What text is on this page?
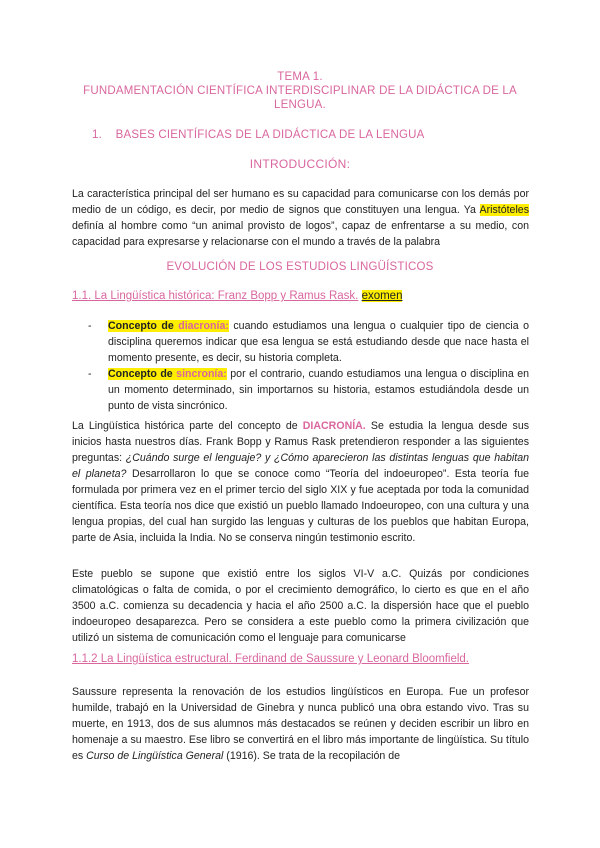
TEMA 1.
FUNDAMENTACIÓN CIENTÍFICA INTERDISCIPLINAR DE LA DIDÁCTICA DE LA LENGUA.
1. BASES CIENTÍFICAS DE LA DIDÁCTICA DE LA LENGUA
INTRODUCCIÓN:
La característica principal del ser humano es su capacidad para comunicarse con los demás por medio de un código, es decir, por medio de signos que constituyen una lengua. Ya Aristóteles definía al hombre como “un animal provisto de logos”, capaz de enfrentarse a su medio, con capacidad para expresarse y relacionarse con el mundo a través de la palabra
EVOLUCIÓN DE LOS ESTUDIOS LINGÜÍSTICOS
1.1. La Lingüística histórica: Franz Bopp y Ramus Rask. exomen
- Concepto de diacronía: cuando estudiamos una lengua o cualquier tipo de ciencia o disciplina queremos indicar que esa lengua se está estudiando desde que nace hasta el momento presente, es decir, su historia completa.
- Concepto de sincronía: por el contrario, cuando estudiamos una lengua o disciplina en un momento determinado, sin importarnos su historia, estamos estudiándola desde un punto de vista sincrónico.
La Lingüística histórica parte del concepto de DIACRONÍA. Se estudia la lengua desde sus inicios hasta nuestros días. Frank Bopp y Ramus Rask pretendieron responder a las siguientes preguntas: ¿Cuándo surge el lenguaje? y ¿Cómo aparecieron las distintas lenguas que habitan el planeta? Desarrollaron lo que se conoce como “Teoría del indoeuropeo”. Esta teoría fue formulada por primera vez en el primer tercio del siglo XIX y fue aceptada por toda la comunidad científica. Esta teoría nos dice que existió un pueblo llamado Indoeuropeo, con una cultura y una lengua propias, del cual han surgido las lenguas y culturas de los pueblos que habitan Europa, parte de Asia, incluida la India. No se conserva ningún testimonio escrito.
Este pueblo se supone que existió entre los siglos VI-V a.C. Quizás por condiciones climatológicas o falta de comida, o por el crecimiento demográfico, lo cierto es que en el año 3500 a.C. comienza su decadencia y hacia el año 2500 a.C. la dispersión hace que el pueblo indoeuropeo desaparezca. Pero se considera a este pueblo como la primera civilización que utilizó un sistema de comunicación como el lenguaje para comunicarse
1.1.2 La Lingüística estructural. Ferdinand de Saussure y Leonard Bloomfield.
Saussure representa la renovación de los estudios lingüísticos en Europa. Fue un profesor humilde, trabajó en la Universidad de Ginebra y nunca publicó una obra estando vivo. Tras su muerte, en 1913, dos de sus alumnos más destacados se reúnen y deciden escribir un libro en homenaje a su maestro. Ese libro se convertirá en el libro más importante de lingüística. Su título es Curso de Lingüística General (1916). Se trata de la recopilación de
